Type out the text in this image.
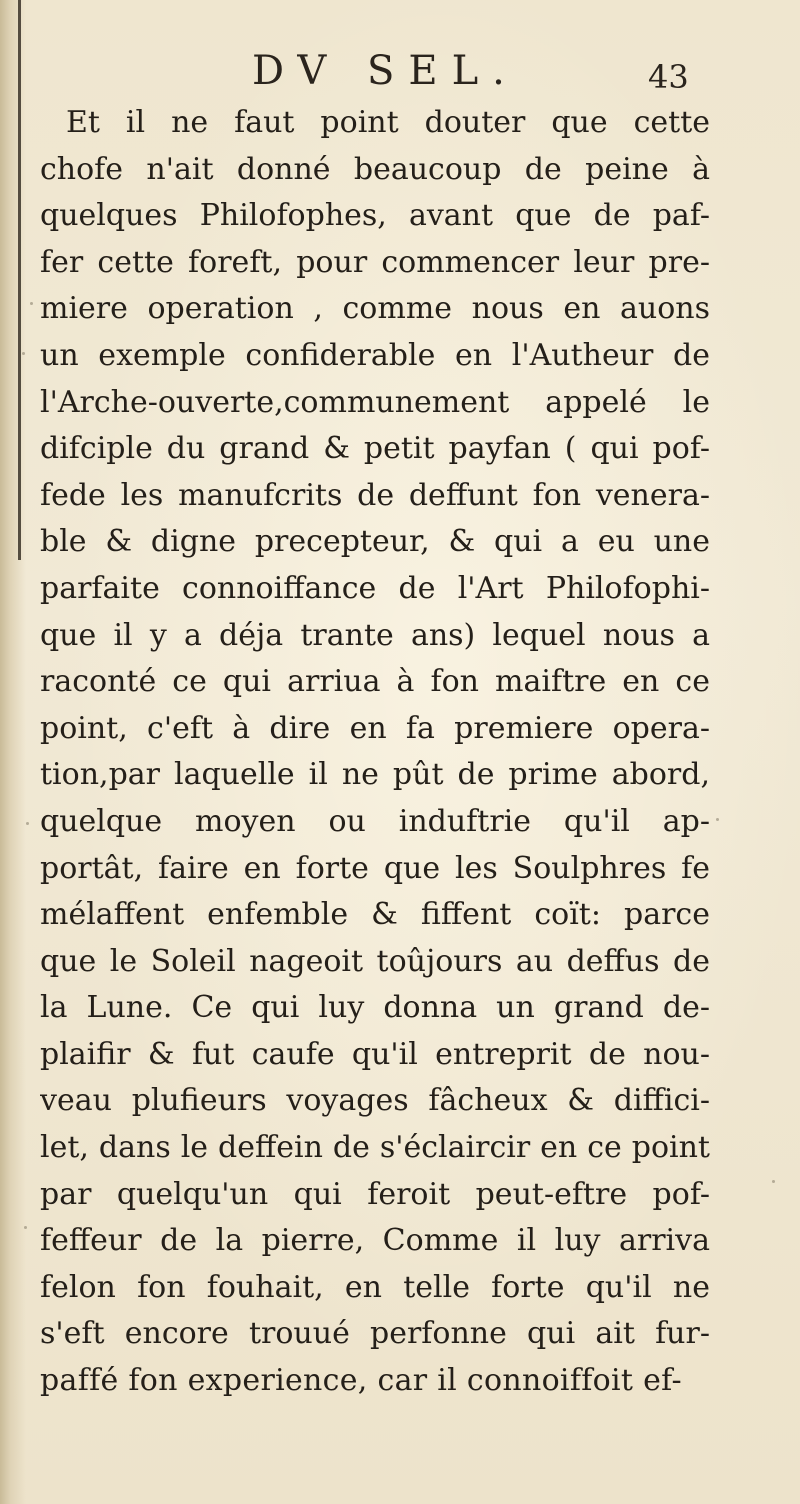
DV SEL.	43
Et il ne faut point douter que cette
chofe n'ait donné beaucoup de peine à
quelques Philofophes, avant que de paf-
fer cette foreft, pour commencer leur pre-
miere operation , comme nous en auons
un exemple confiderable en l'Autheur de
l'Arche-ouverte,communement appelé le
difciple du grand & petit payfan ( qui pof-
fede les manufcrits de deffunt fon venera-
ble & digne precepteur, & qui a eu une
parfaite connoiffance de l'Art Philofophi-
que il y a déja trante ans) lequel nous a
raconté ce qui arriua à fon maiftre en ce
point, c'eft à dire en fa premiere opera-
tion,par laquelle il ne pût de prime abord,
quelque moyen ou induftrie qu'il ap-
portât, faire en forte que les Soulphres fe
mélaffent enfemble & fiffent coït: parce
que le Soleil nageoit toûjours au deffus de
la Lune. Ce qui luy donna un grand de-
plaifir & fut caufe qu'il entreprit de nou-
veau plufieurs voyages fâcheux & diffici-
let, dans le deffein de s'éclaircir en ce point
par quelqu'un qui feroit peut-eftre pof-
feffeur de la pierre, Comme il luy arriva
felon fon fouhait, en telle forte qu'il ne
s'eft encore trouué perfonne qui ait fur-
paffé fon experience, car il connoiffoit ef-
